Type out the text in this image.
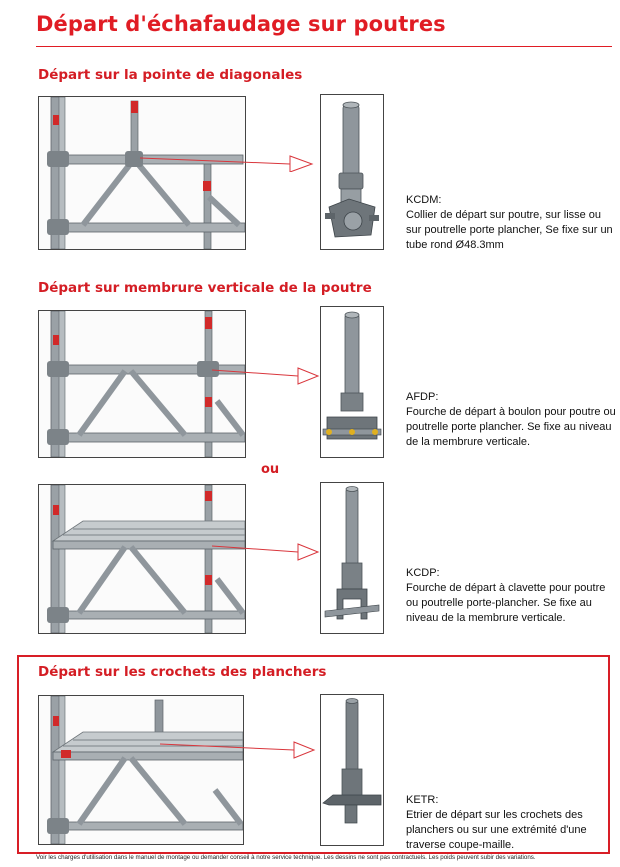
Départ d'échafaudage sur poutres
Départ sur la pointe de diagonales
KCDM:
Collier de départ sur poutre, sur lisse ou sur poutrelle porte plancher, Se fixe sur un tube rond Ø48.3mm
Départ sur membrure verticale de la poutre
AFDP:
Fourche de départ à boulon pour poutre ou poutrelle porte plancher. Se fixe au niveau de la membrure verticale.
ou
KCDP:
Fourche de départ à clavette pour poutre ou poutrelle porte-plancher. Se fixe au niveau de la membrure verticale.
Départ sur les crochets des planchers
KETR:
Etrier de départ sur les crochets des planchers ou sur une extrémité d'une traverse coupe-maille.
Voir les charges d'utilisation dans le manuel de montage ou demander conseil à notre service technique. Les dessins ne sont pas contractuels. Les poids peuvent subir des variations.
